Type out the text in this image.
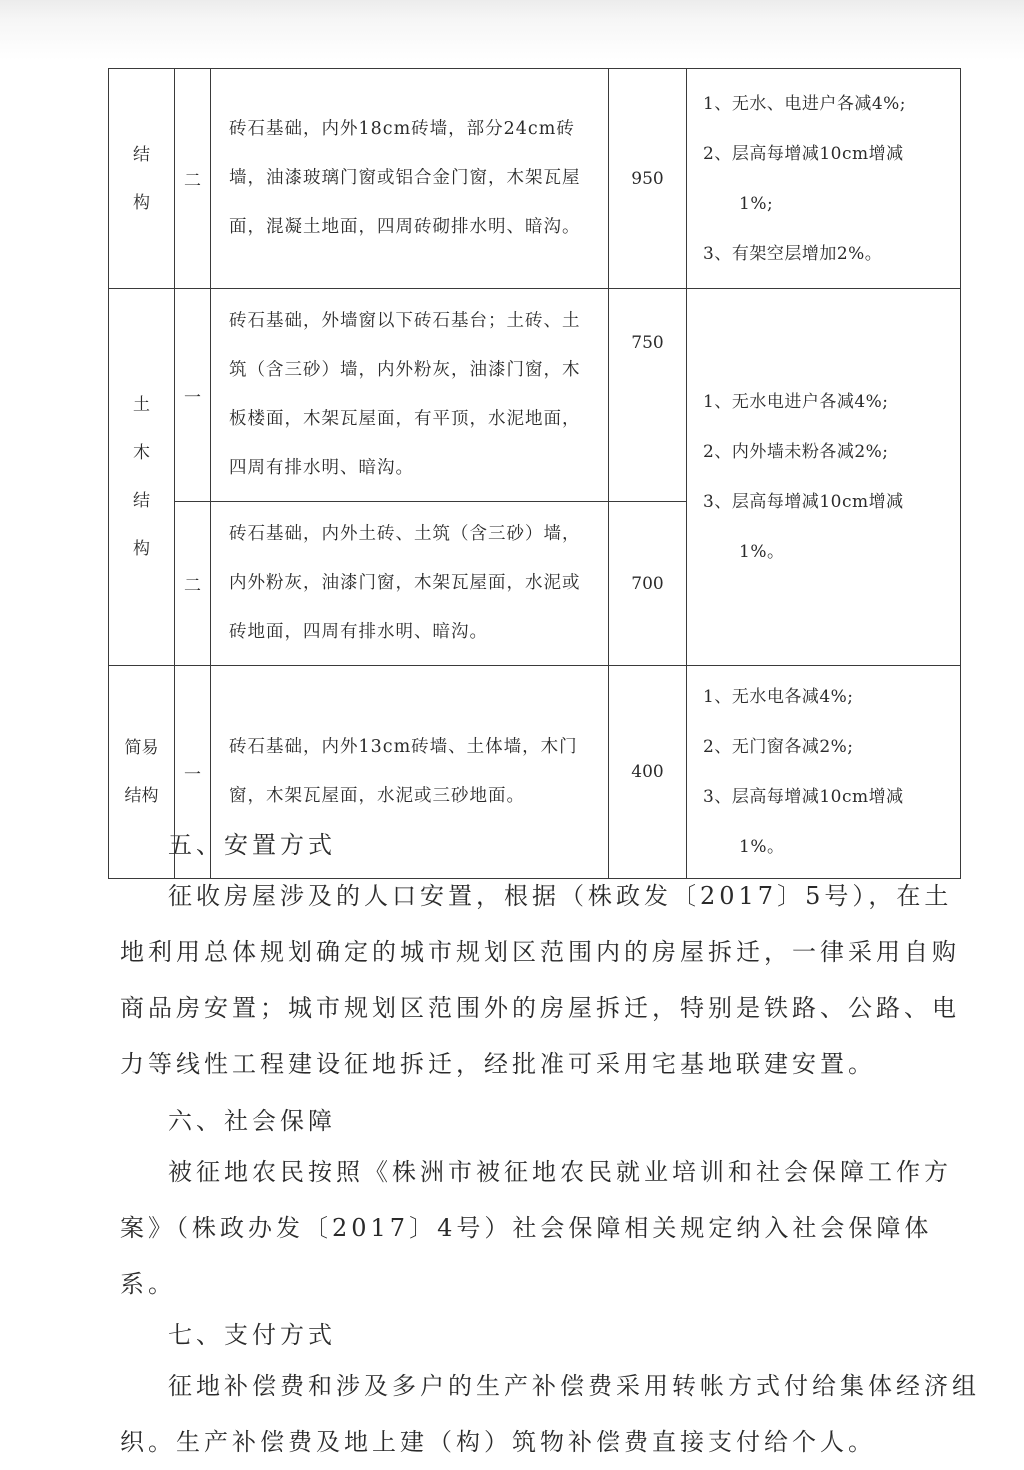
结构	二	砖石基础，内外18cm砖墙，部分24cm砖墙，油漆玻璃门窗或铝合金门窗，木架瓦屋面，混凝土地面，四周砖砌排水明、暗沟。	950	1、无水、电进户各减4%;
2、层高每增减10cm增减
1%;
3、有架空层增加2%。

土木结构	一	砖石基础，外墙窗以下砖石基台；土砖、土筑（含三砂）墙，内外粉灰，油漆门窗，木板楼面，木架瓦屋面，有平顶，水泥地面，四周有排水明、暗沟。	750	1、无水电进户各减4%;
2、内外墙未粉各减2%;
3、层高每增减10cm增减
1%。

	二	砖石基础，内外土砖、土筑（含三砂）墙，内外粉灰，油漆门窗，木架瓦屋面，水泥或砖地面，四周有排水明、暗沟。	700	
简易结构	一	砖石基础，内外13cm砖墙、土体墙，木门窗，木架瓦屋面，水泥或三砂地面。	400	1、无水电各减4%;
2、无门窗各减2%;
3、层高每增减10cm增减
1%。

五、安置方式

征收房屋涉及的人口安置，根据（株政发〔2017〕5号），在土地利用总体规划确定的城市规划区范围内的房屋拆迁，一律采用自购商品房安置；城市规划区范围外的房屋拆迁，特别是铁路、公路、电力等线性工程建设征地拆迁，经批准可采用宅基地联建安置。

六、社会保障

被征地农民按照《株洲市被征地农民就业培训和社会保障工作方案》（株政办发〔2017〕4号）社会保障相关规定纳入社会保障体系。

七、支付方式

征地补偿费和涉及多户的生产补偿费采用转帐方式付给集体经济组织。生产补偿费及地上建（构）筑物补偿费直接支付给个人。
